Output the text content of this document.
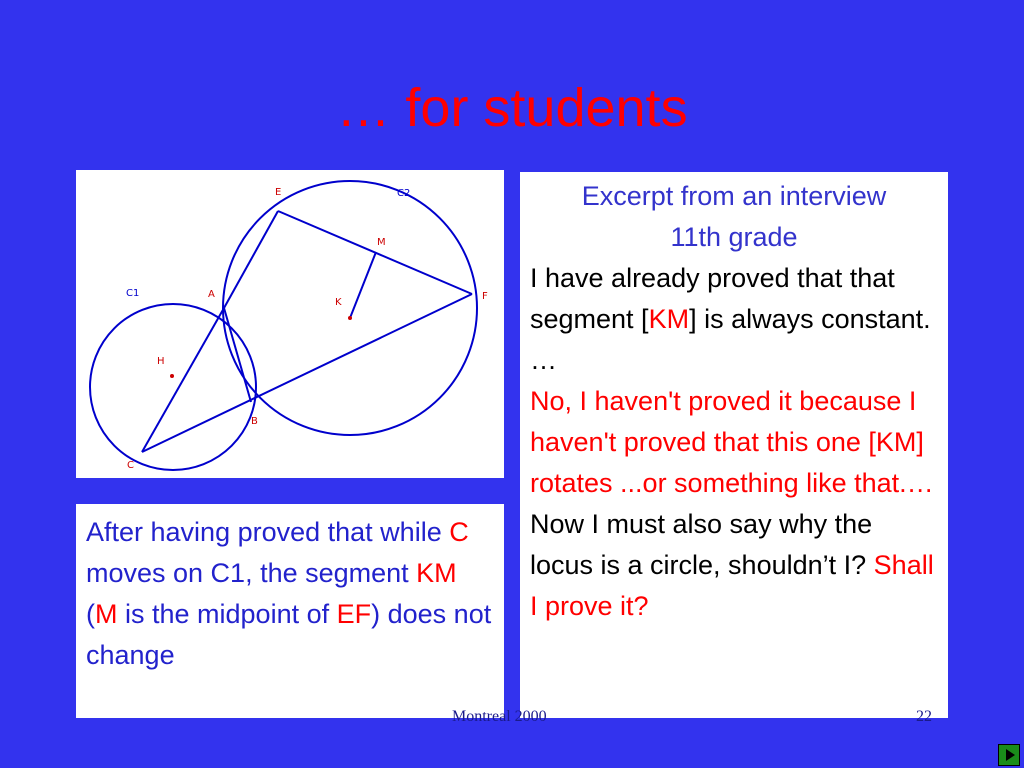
… for students
E	C2
M
C1	A
K
F
H
B
C
After having proved that while C moves on C1, the segment KM (M is the midpoint of EF) does not change
Excerpt from an interview
11th grade
I have already proved that that segment [KM] is always constant. …
No, I haven't proved it because I haven't proved that this one [KM] rotates ...or something like that.…
Now I must also say why the locus is a circle, shouldn’t I? Shall I prove it?
Montreal 2000	22
